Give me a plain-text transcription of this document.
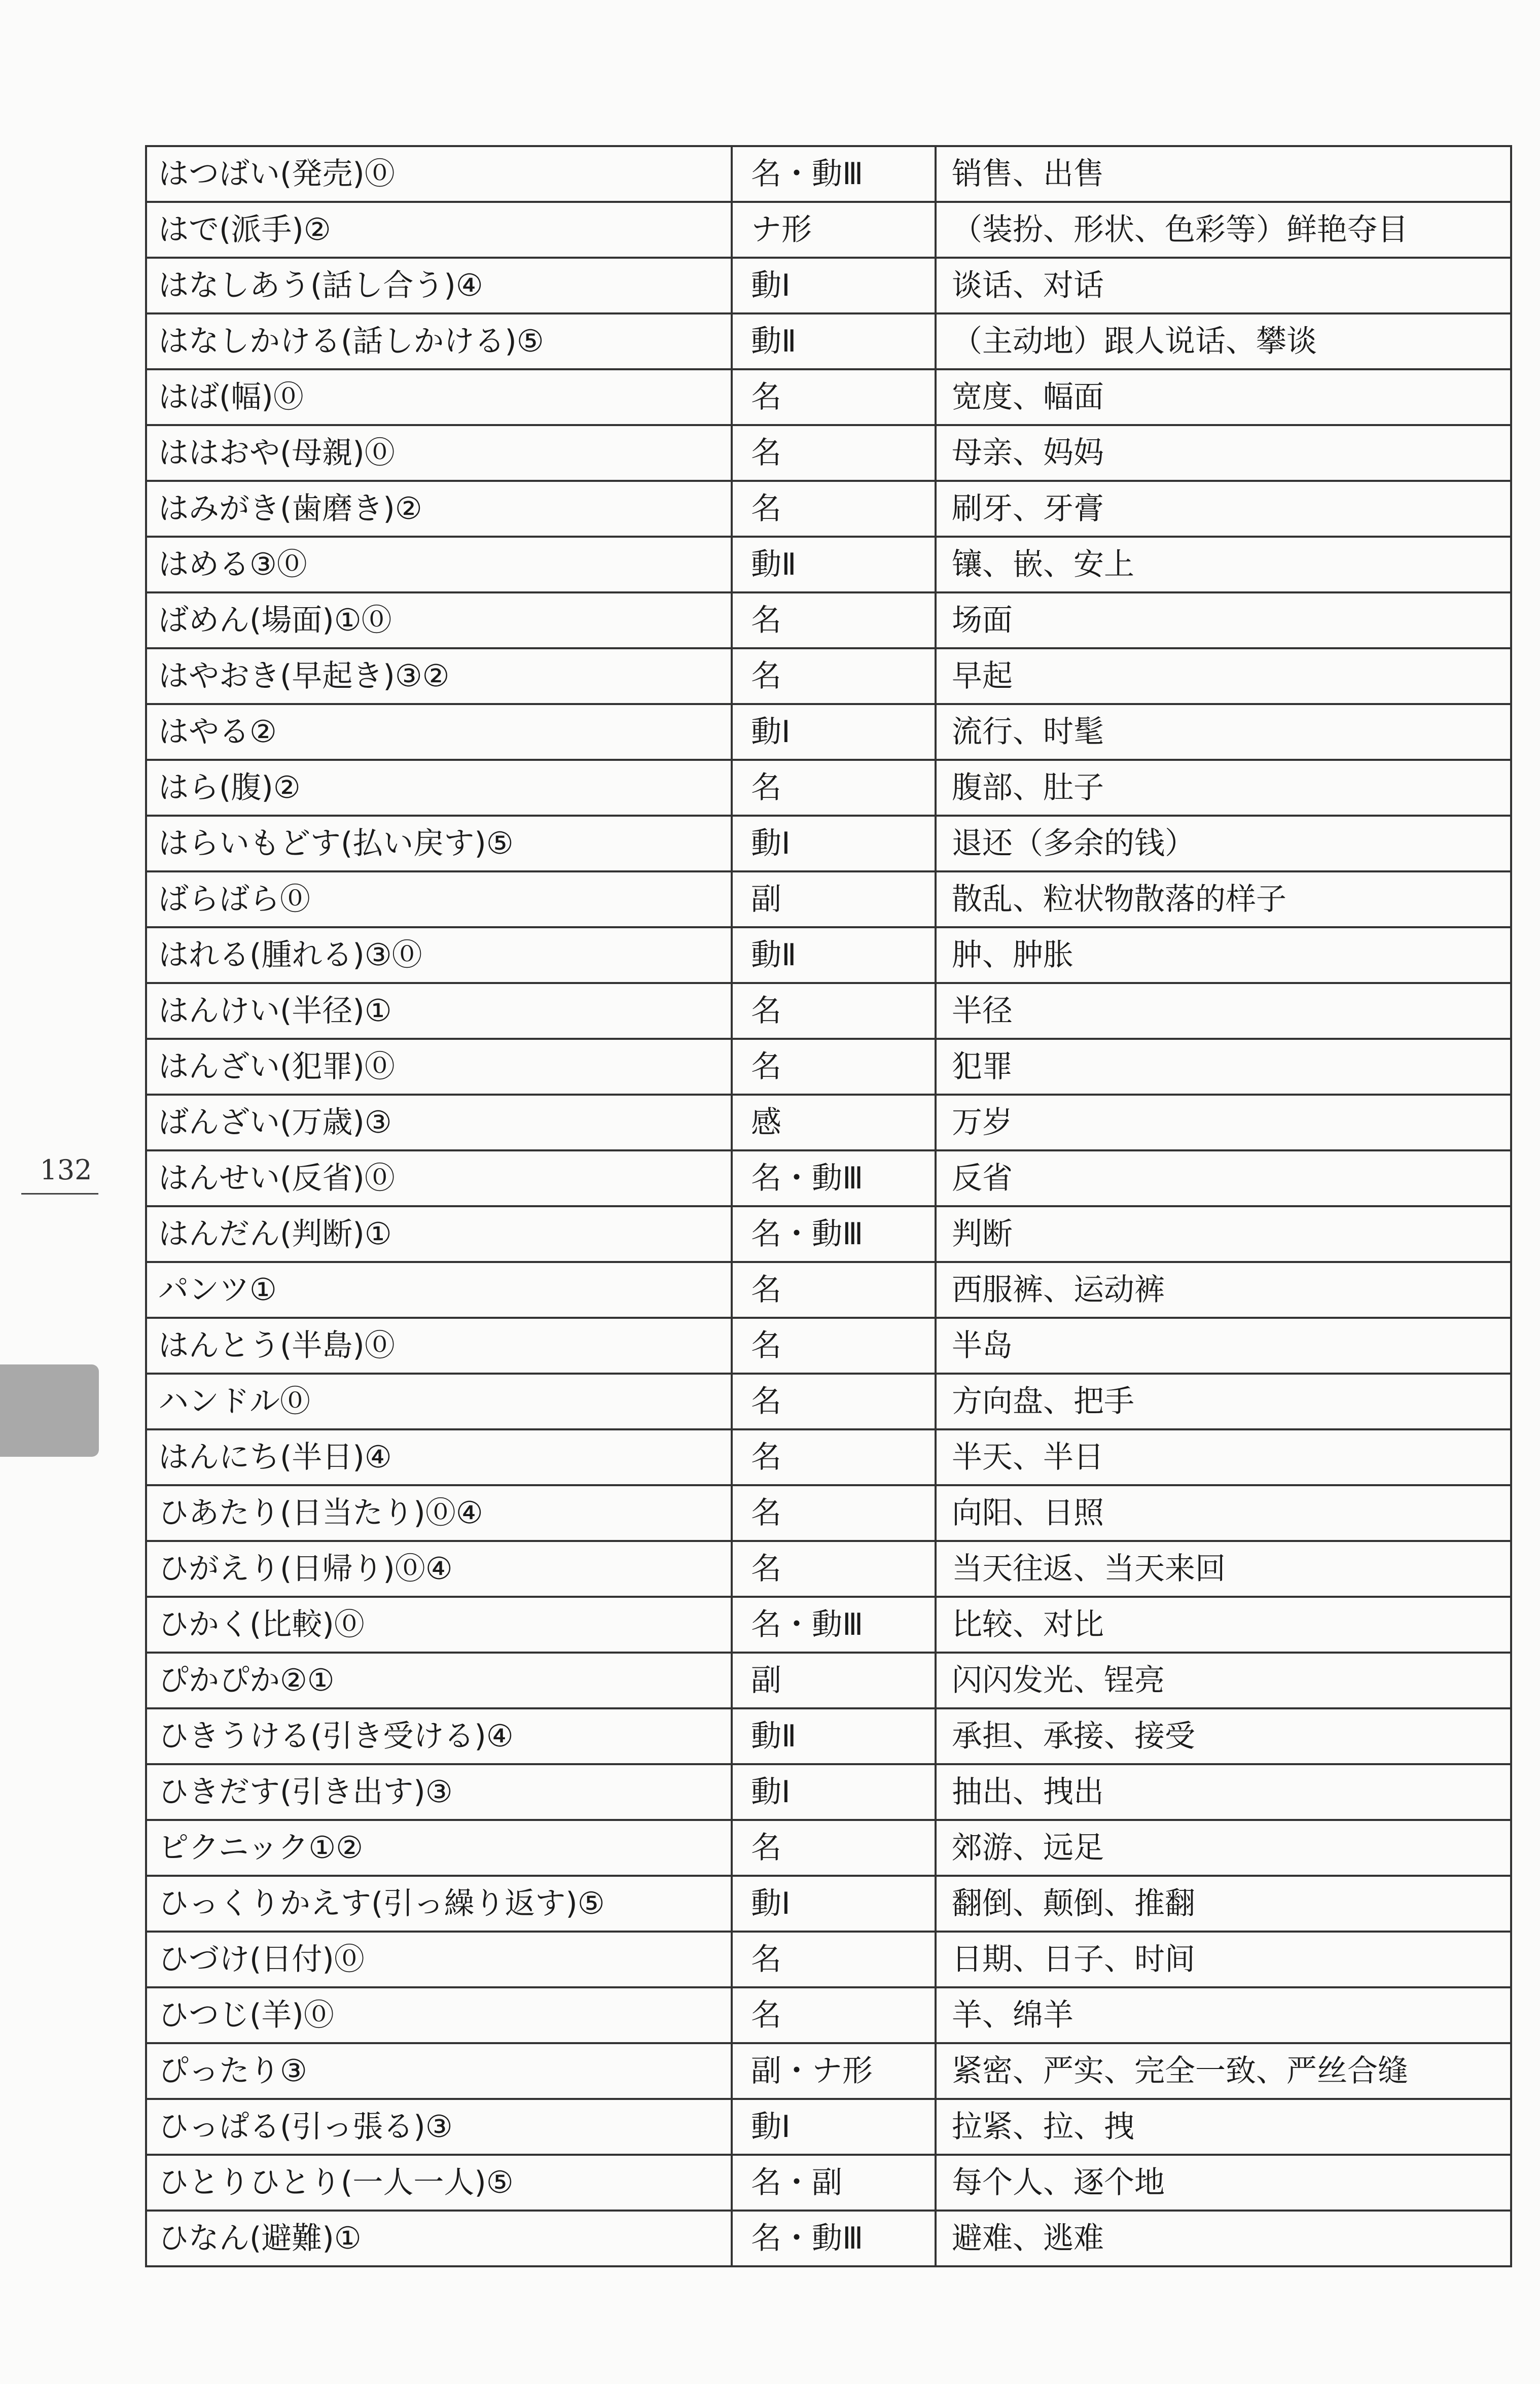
はつばい(発売)⓪	名・動Ⅲ	销售、出售
はで(派手)②	ナ形	（装扮、形状、色彩等）鲜艳夺目
はなしあう(話し合う)④	動Ⅰ	谈话、对话
はなしかける(話しかける)⑤	動Ⅱ	（主动地）跟人说话、攀谈
はば(幅)⓪	名	宽度、幅面
ははおや(母親)⓪	名	母亲、妈妈
はみがき(歯磨き)②	名	刷牙、牙膏
はめる③⓪	動Ⅱ	镶、嵌、安上
ばめん(場面)①⓪	名	场面
はやおき(早起き)③②	名	早起
はやる②	動Ⅰ	流行、时髦
はら(腹)②	名	腹部、肚子
はらいもどす(払い戻す)⑤	動Ⅰ	退还（多余的钱）
ばらばら⓪	副	散乱、粒状物散落的样子
はれる(腫れる)③⓪	動Ⅱ	肿、肿胀
はんけい(半径)①	名	半径
はんざい(犯罪)⓪	名	犯罪
ばんざい(万歳)③	感	万岁
はんせい(反省)⓪	名・動Ⅲ	反省
はんだん(判断)①	名・動Ⅲ	判断
パンツ①	名	西服裤、运动裤
はんとう(半島)⓪	名	半岛
ハンドル⓪	名	方向盘、把手
はんにち(半日)④	名	半天、半日
ひあたり(日当たり)⓪④	名	向阳、日照
ひがえり(日帰り)⓪④	名	当天往返、当天来回
ひかく(比較)⓪	名・動Ⅲ	比较、对比
ぴかぴか②①	副	闪闪发光、锃亮
ひきうける(引き受ける)④	動Ⅱ	承担、承接、接受
ひきだす(引き出す)③	動Ⅰ	抽出、拽出
ピクニック①②	名	郊游、远足
ひっくりかえす(引っ繰り返す)⑤	動Ⅰ	翻倒、颠倒、推翻
ひづけ(日付)⓪	名	日期、日子、时间
ひつじ(羊)⓪	名	羊、绵羊
ぴったり③	副・ナ形	紧密、严实、完全一致、严丝合缝
ひっぱる(引っ張る)③	動Ⅰ	拉紧、拉、拽
ひとりひとり(一人一人)⑤	名・副	每个人、逐个地
ひなん(避難)①	名・動Ⅲ	避难、逃难
132
